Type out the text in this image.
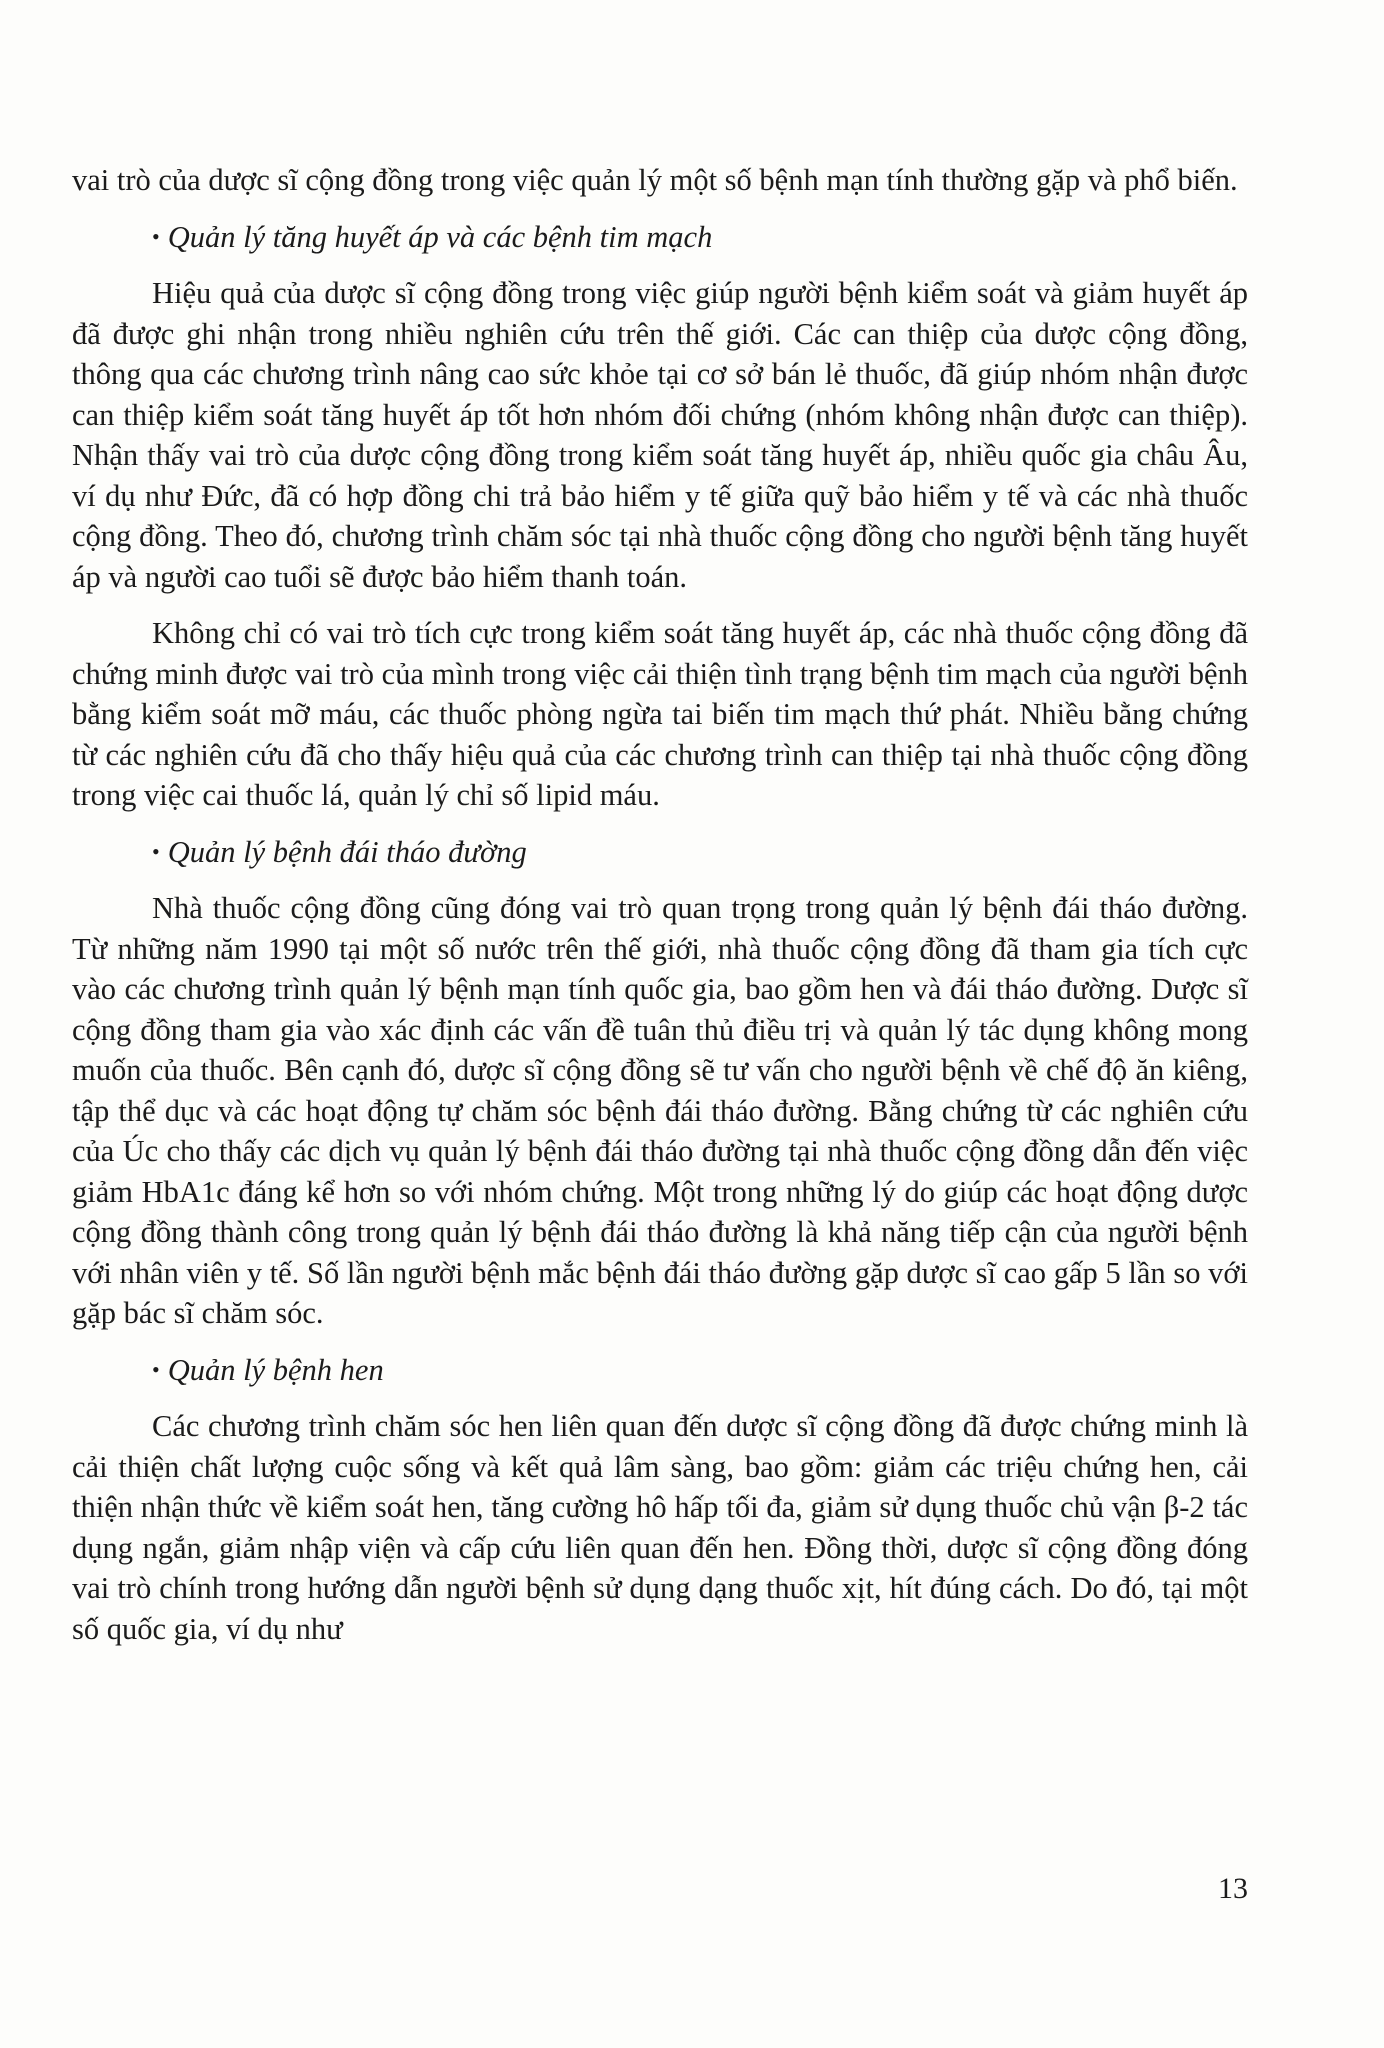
vai trò của dược sĩ cộng đồng trong việc quản lý một số bệnh mạn tính thường gặp và phổ biến.

• Quản lý tăng huyết áp và các bệnh tim mạch

Hiệu quả của dược sĩ cộng đồng trong việc giúp người bệnh kiểm soát và giảm huyết áp đã được ghi nhận trong nhiều nghiên cứu trên thế giới. Các can thiệp của dược cộng đồng, thông qua các chương trình nâng cao sức khỏe tại cơ sở bán lẻ thuốc, đã giúp nhóm nhận được can thiệp kiểm soát tăng huyết áp tốt hơn nhóm đối chứng (nhóm không nhận được can thiệp). Nhận thấy vai trò của dược cộng đồng trong kiểm soát tăng huyết áp, nhiều quốc gia châu Âu, ví dụ như Đức, đã có hợp đồng chi trả bảo hiểm y tế giữa quỹ bảo hiểm y tế và các nhà thuốc cộng đồng. Theo đó, chương trình chăm sóc tại nhà thuốc cộng đồng cho người bệnh tăng huyết áp và người cao tuổi sẽ được bảo hiểm thanh toán.

Không chỉ có vai trò tích cực trong kiểm soát tăng huyết áp, các nhà thuốc cộng đồng đã chứng minh được vai trò của mình trong việc cải thiện tình trạng bệnh tim mạch của người bệnh bằng kiểm soát mỡ máu, các thuốc phòng ngừa tai biến tim mạch thứ phát. Nhiều bằng chứng từ các nghiên cứu đã cho thấy hiệu quả của các chương trình can thiệp tại nhà thuốc cộng đồng trong việc cai thuốc lá, quản lý chỉ số lipid máu.

• Quản lý bệnh đái tháo đường

Nhà thuốc cộng đồng cũng đóng vai trò quan trọng trong quản lý bệnh đái tháo đường. Từ những năm 1990 tại một số nước trên thế giới, nhà thuốc cộng đồng đã tham gia tích cực vào các chương trình quản lý bệnh mạn tính quốc gia, bao gồm hen và đái tháo đường. Dược sĩ cộng đồng tham gia vào xác định các vấn đề tuân thủ điều trị và quản lý tác dụng không mong muốn của thuốc. Bên cạnh đó, dược sĩ cộng đồng sẽ tư vấn cho người bệnh về chế độ ăn kiêng, tập thể dục và các hoạt động tự chăm sóc bệnh đái tháo đường. Bằng chứng từ các nghiên cứu của Úc cho thấy các dịch vụ quản lý bệnh đái tháo đường tại nhà thuốc cộng đồng dẫn đến việc giảm HbA1c đáng kể hơn so với nhóm chứng. Một trong những lý do giúp các hoạt động dược cộng đồng thành công trong quản lý bệnh đái tháo đường là khả năng tiếp cận của người bệnh với nhân viên y tế. Số lần người bệnh mắc bệnh đái tháo đường gặp dược sĩ cao gấp 5 lần so với gặp bác sĩ chăm sóc.

• Quản lý bệnh hen

Các chương trình chăm sóc hen liên quan đến dược sĩ cộng đồng đã được chứng minh là cải thiện chất lượng cuộc sống và kết quả lâm sàng, bao gồm: giảm các triệu chứng hen, cải thiện nhận thức về kiểm soát hen, tăng cường hô hấp tối đa, giảm sử dụng thuốc chủ vận β-2 tác dụng ngắn, giảm nhập viện và cấp cứu liên quan đến hen. Đồng thời, dược sĩ cộng đồng đóng vai trò chính trong hướng dẫn người bệnh sử dụng dạng thuốc xịt, hít đúng cách. Do đó, tại một số quốc gia, ví dụ như

13
